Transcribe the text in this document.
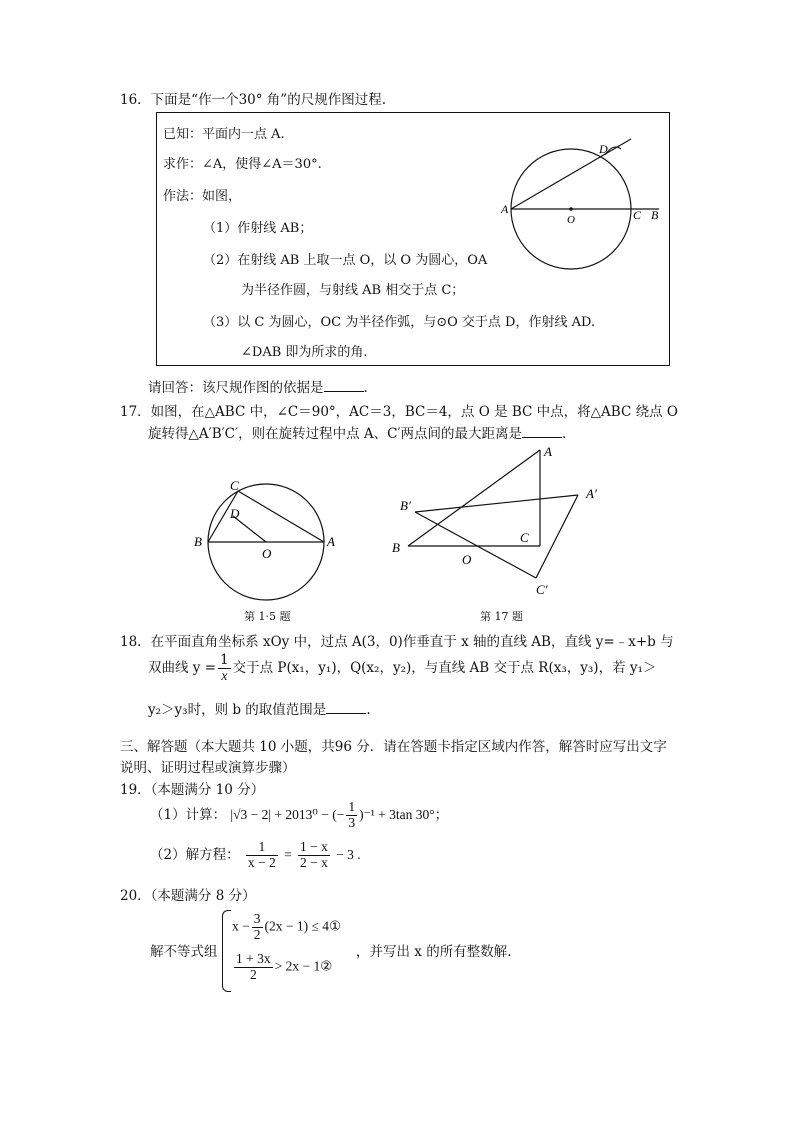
16．下面是“作一个30° 角”的尺规作图过程.
已知：平面内一点 A.
求作：∠A，使得∠A＝30°.
作法：如图，
（1）作射线 AB；
（2）在射线 AB 上取一点 O，以 O 为圆心，OA
为半径作圆，与射线 AB 相交于点 C；
（3）以 C 为圆心，OC 为半径作弧，与⊙O 交于点 D，作射线 AD.
∠DAB 即为所求的角.
A
O	C B
D
请回答：该尺规作图的依据是	.
17．如图，在△ABC 中，∠C＝90°，AC＝3，BC＝4，点 O 是 BC 中点，将△ABC 绕点 O
旋转得△A′B′C′，则在旋转过程中点 A、C′两点间的最大距离是	.
C
D
B
O
A
第 1·5 题
A
B′
A′
B
C
O
C′
第 17 题
18．在平面直角坐标系 xOy 中，过点 A(3，0)作垂直于 x 轴的直线 AB，直线 y=﹣x+b 与
双曲线 $y = \frac{1}{x}$ 交于点 P(x₁，y₁)，Q(x₂，y₂)，与直线 AB 交于点 R(x₃，y₃)，若 y₁＞
y₂＞y₃时，则 b 的取值范围是	.
三、解答题（本大题共 10 小题，共96 分．请在答题卡指定区域内作答，解答时应写出文字
说明、证明过程或演算步骤）
19．（本题满分 10 分）
（1）计算： |√3 − 2| + 2013⁰ − (− $\frac{1}{3} )^{-1} + 3\tan$ 30°；
（2）解方程： $\frac{1}{x - 2} = \frac{1 - x}{2 - x} - 3$ .
20．（本题满分 8 分）
解不等式组
$x - \frac{3}{2} (2x - 1)$ ≤ 4①
$\frac{1 + 3x}{2} > 2x$ − 1②
，并写出 x 的所有整数解.
